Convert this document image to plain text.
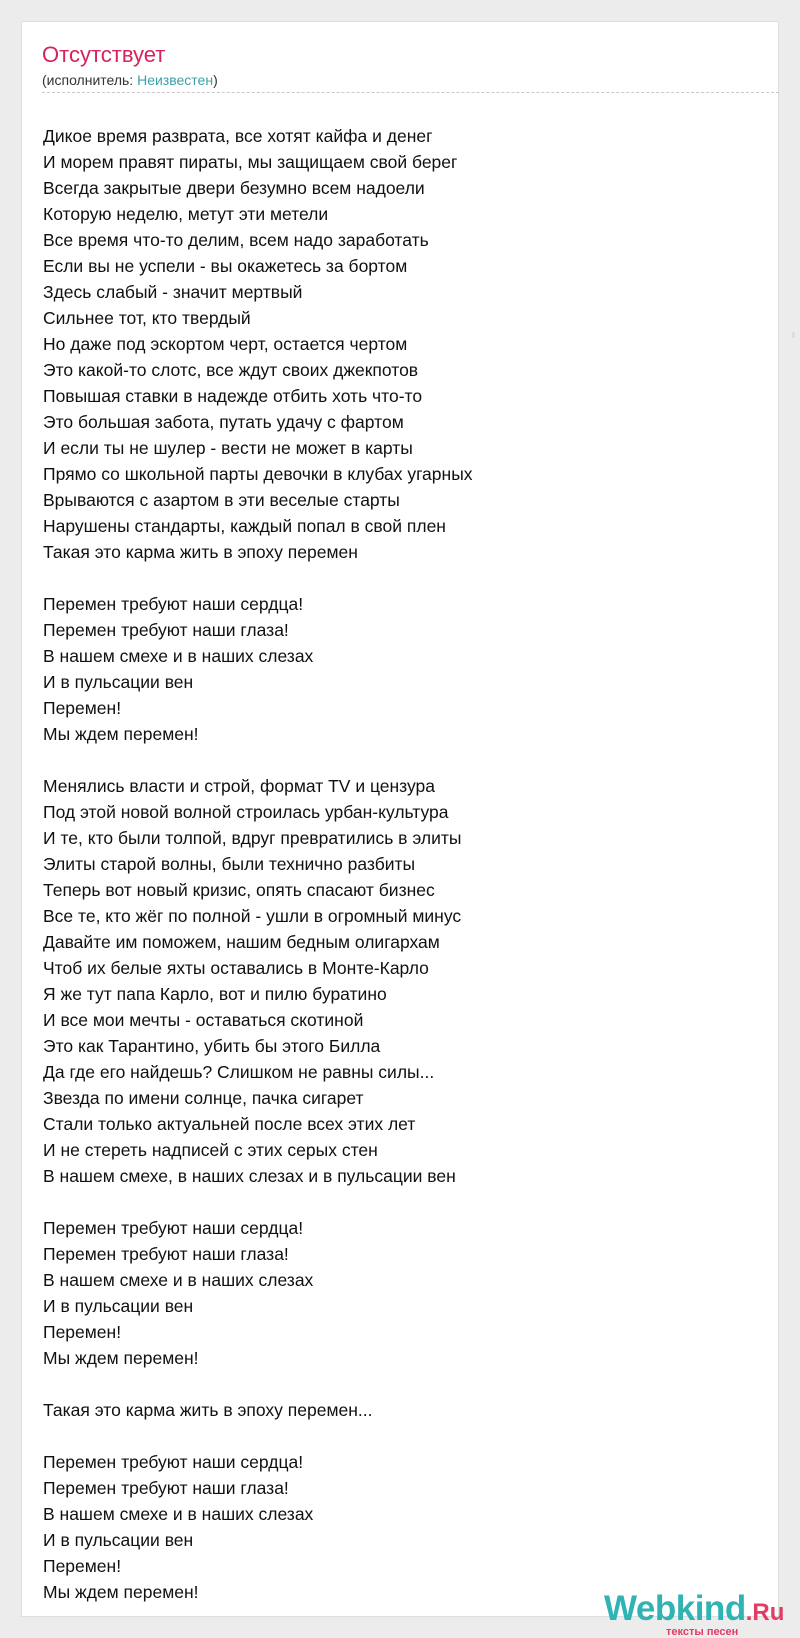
Отсутствует
(исполнитель: Неизвестен)
Дикое время разврата, все хотят кайфа и денег
И морем правят пираты, мы защищаем свой берег
Всегда закрытые двери безумно всем надоели
Которую неделю, метут эти метели
Все время что-то делим, всем надо заработать
Если вы не успели - вы окажетесь за бортом
Здесь слабый - значит мертвый
Сильнее тот, кто твердый
Но даже под эскортом черт, остается чертом
Это какой-то слотс, все ждут своих джекпотов
Повышая ставки в надежде отбить хоть что-то
Это большая забота, путать удачу с фартом
И если ты не шулер - вести не может в карты
Прямо со школьной парты девочки в клубах угарных
Врываются с азартом в эти веселые старты
Нарушены стандарты, каждый попал в свой плен
Такая это карма жить в эпоху перемен
Перемен требуют наши сердца!
Перемен требуют наши глаза!
В нашем смехе и в наших слезах
И в пульсации вен
Перемен!
Мы ждем перемен!
Менялись власти и строй, формат TV и цензура
Под этой новой волной строилась урбан-культура
И те, кто были толпой, вдруг превратились в элиты
Элиты старой волны, были технично разбиты
Теперь вот новый кризис, опять спасают бизнес
Все те, кто жёг по полной - ушли в огромный минус
Давайте им поможем, нашим бедным олигархам
Чтоб их белые яхты оставались в Монте-Карло
Я же тут папа Карло, вот и пилю буратино
И все мои мечты - оставаться скотиной
Это как Тарантино, убить бы этого Билла
Да где его найдешь? Слишком не равны силы...
Звезда по имени солнце, пачка сигарет
Стали только актуальней после всех этих лет
И не стереть надписей с этих серых стен
В нашем смехе, в наших слезах и в пульсации вен
Перемен требуют наши сердца!
Перемен требуют наши глаза!
В нашем смехе и в наших слезах
И в пульсации вен
Перемен!
Мы ждем перемен!
Такая это карма жить в эпоху перемен...
Перемен требуют наши сердца!
Перемен требуют наши глаза!
В нашем смехе и в наших слезах
И в пульсации вен
Перемен!
Мы ждем перемен!	Webkind.Ru
тексты песен
